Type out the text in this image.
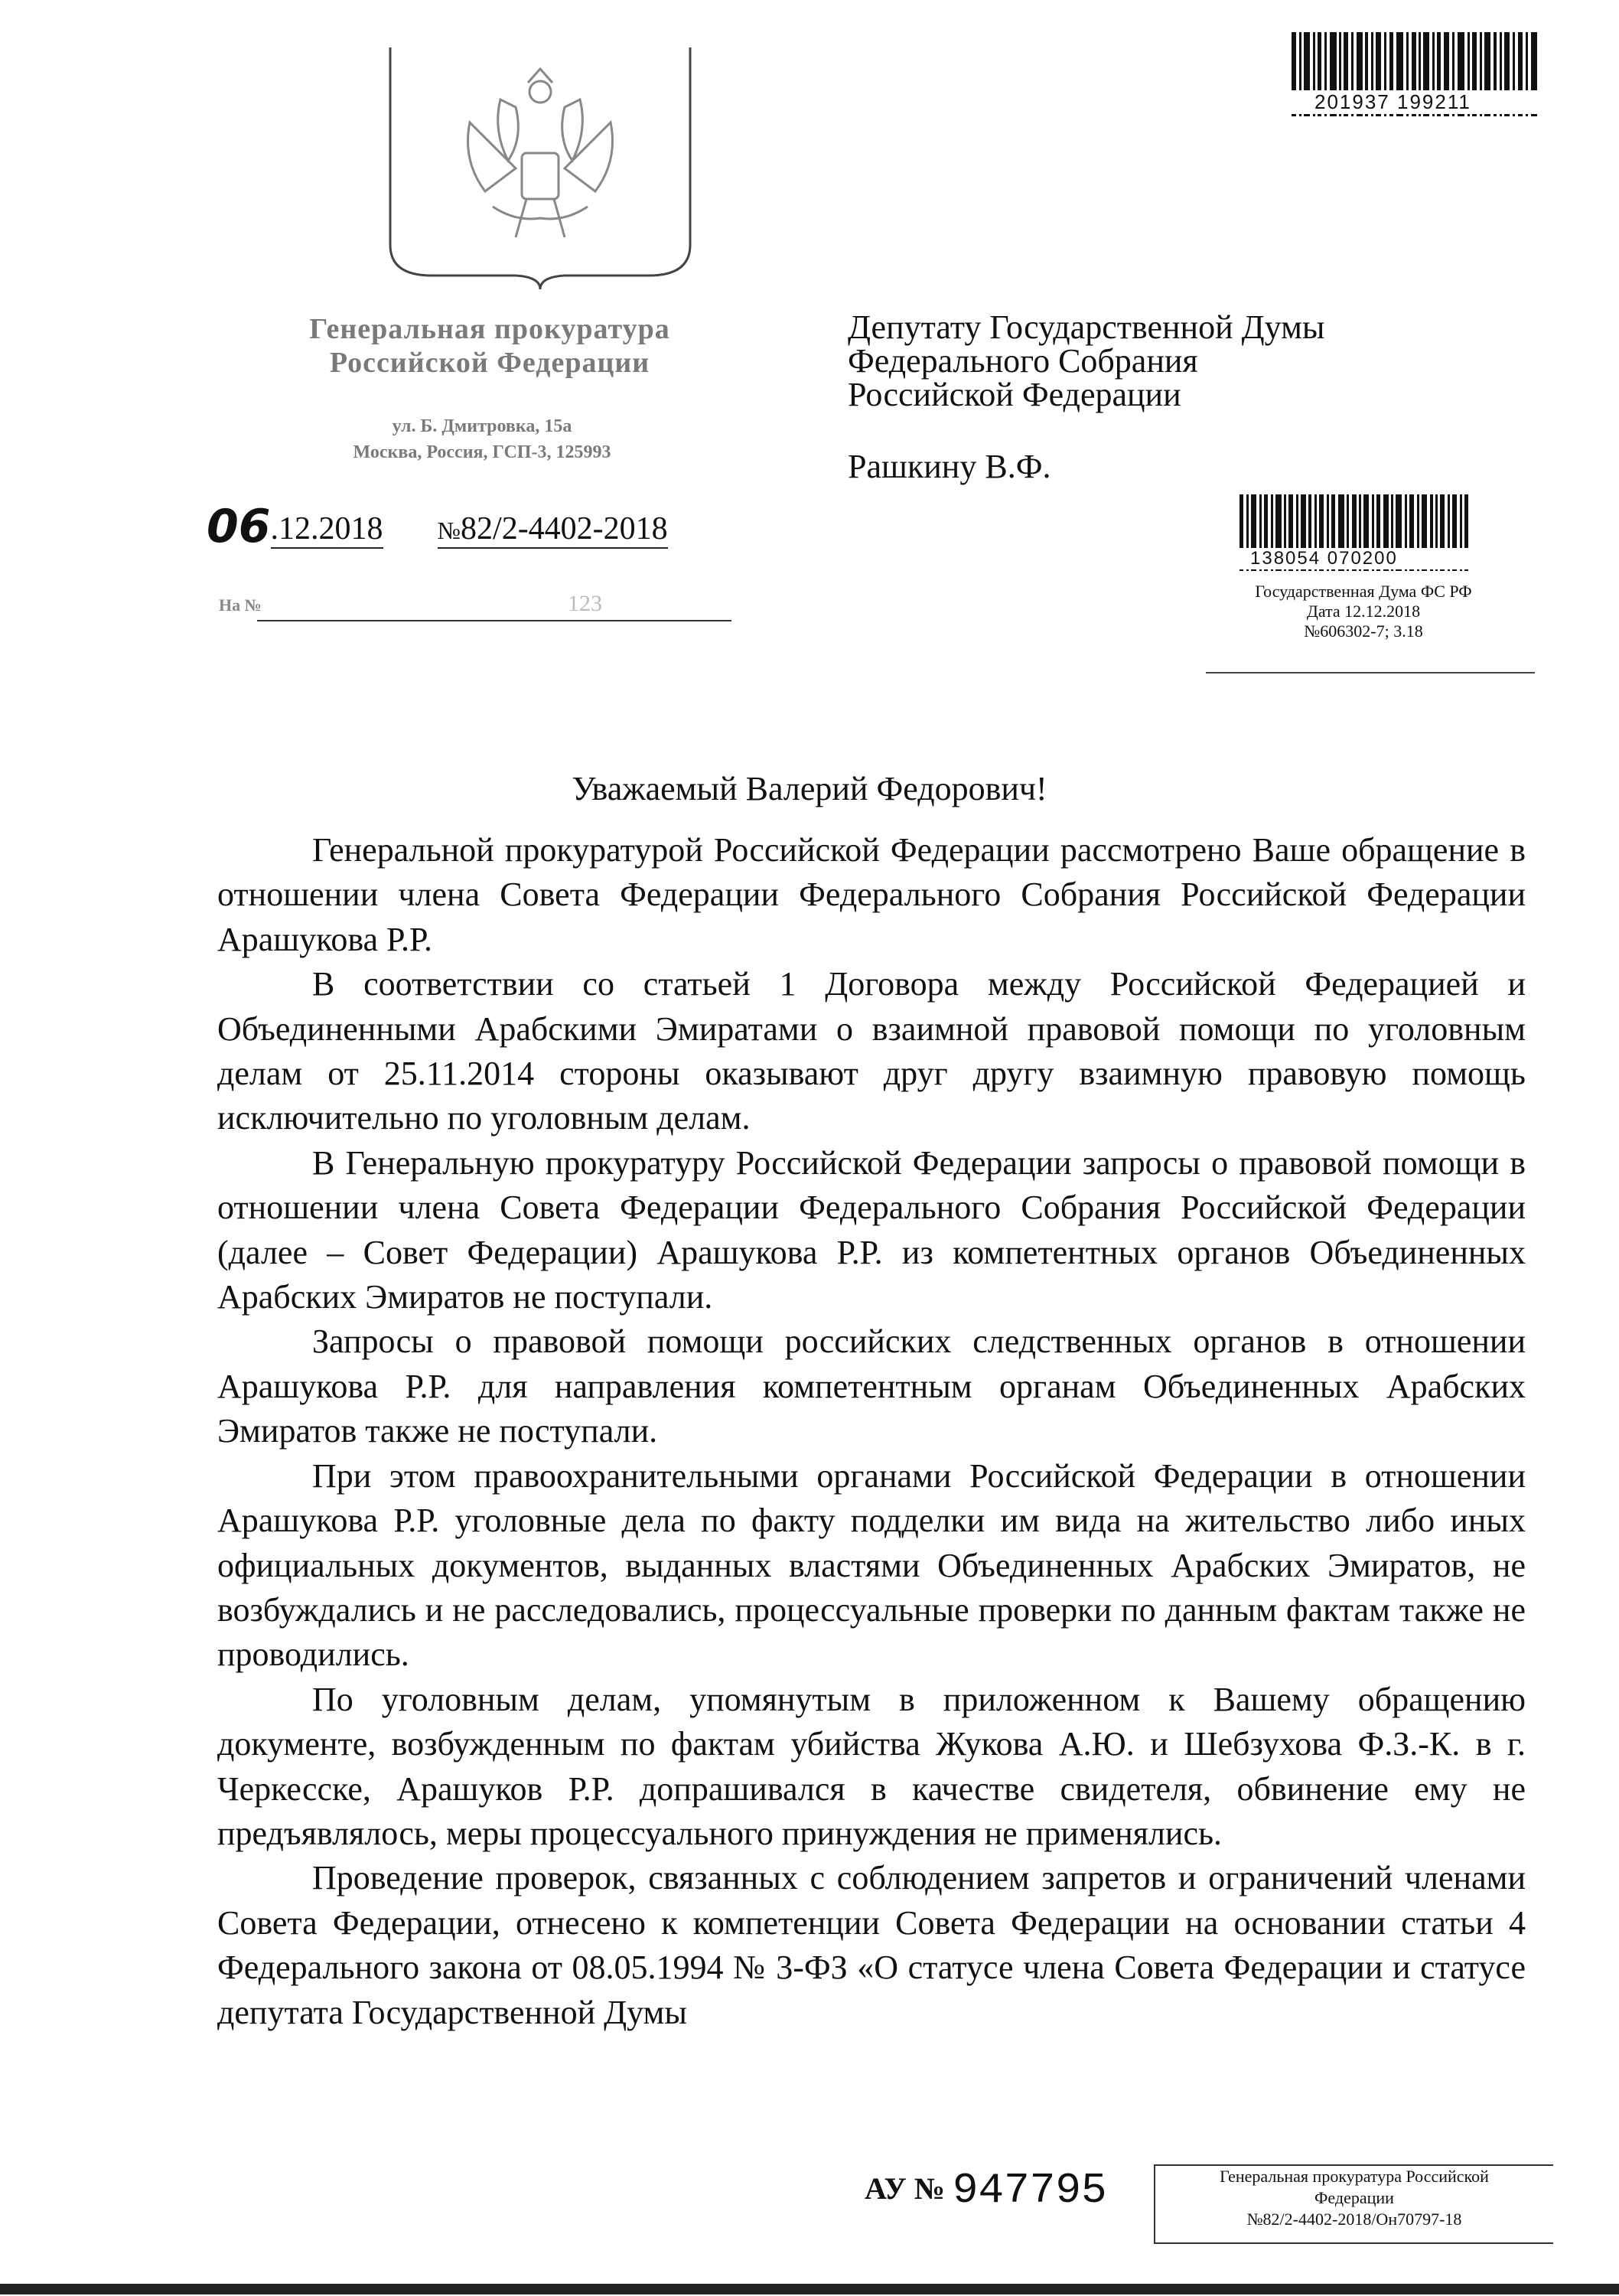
201937 199211
Генеральная прокуратура
Российской Федерации
ул. Б. Дмитровка, 15а
Москва, Россия, ГСП-3, 125993
06.12.2018 №82/2-4402-2018
На №	123
Депутату Государственной Думы
Федерального Собрания
Российской Федерации
Рашкину В.Ф.
138054 070200
Государственная Дума ФС РФ
Дата 12.12.2018
№606302-7; 3.18
Уважаемый Валерий Федорович!

Генеральной прокуратурой Российской Федерации рассмотрено Ваше обращение в отношении члена Совета Федерации Федерального Собрания Российской Федерации Арашукова Р.Р.

В соответствии со статьей 1 Договора между Российской Федерацией и Объединенными Арабскими Эмиратами о взаимной правовой помощи по уголовным делам от 25.11.2014 стороны оказывают друг другу взаимную правовую помощь исключительно по уголовным делам.

В Генеральную прокуратуру Российской Федерации запросы о правовой помощи в отношении члена Совета Федерации Федерального Собрания Российской Федерации (далее – Совет Федерации) Арашукова Р.Р. из компетентных органов Объединенных Арабских Эмиратов не поступали.

Запросы о правовой помощи российских следственных органов в отношении Арашукова Р.Р. для направления компетентным органам Объединенных Арабских Эмиратов также не поступали.

При этом правоохранительными органами Российской Федерации в отношении Арашукова Р.Р. уголовные дела по факту подделки им вида на жительство либо иных официальных документов, выданных властями Объединенных Арабских Эмиратов, не возбуждались и не расследовались, процессуальные проверки по данным фактам также не проводились.

По уголовным делам, упомянутым в приложенном к Вашему обращению документе, возбужденным по фактам убийства Жукова А.Ю. и Шебзухова Ф.З.-К. в г. Черкесске, Арашуков Р.Р. допрашивался в качестве свидетеля, обвинение ему не предъявлялось, меры процессуального принуждения не применялись.

Проведение проверок, связанных с соблюдением запретов и ограничений членами Совета Федерации, отнесено к компетенции Совета Федерации на основании статьи 4 Федерального закона от 08.05.1994 № 3-ФЗ «О статусе члена Совета Федерации и статусе депутата Государственной Думы

АУ № 947795	Генеральная прокуратура Российской
Федерации
№82/2-4402-2018/Он70797-18
